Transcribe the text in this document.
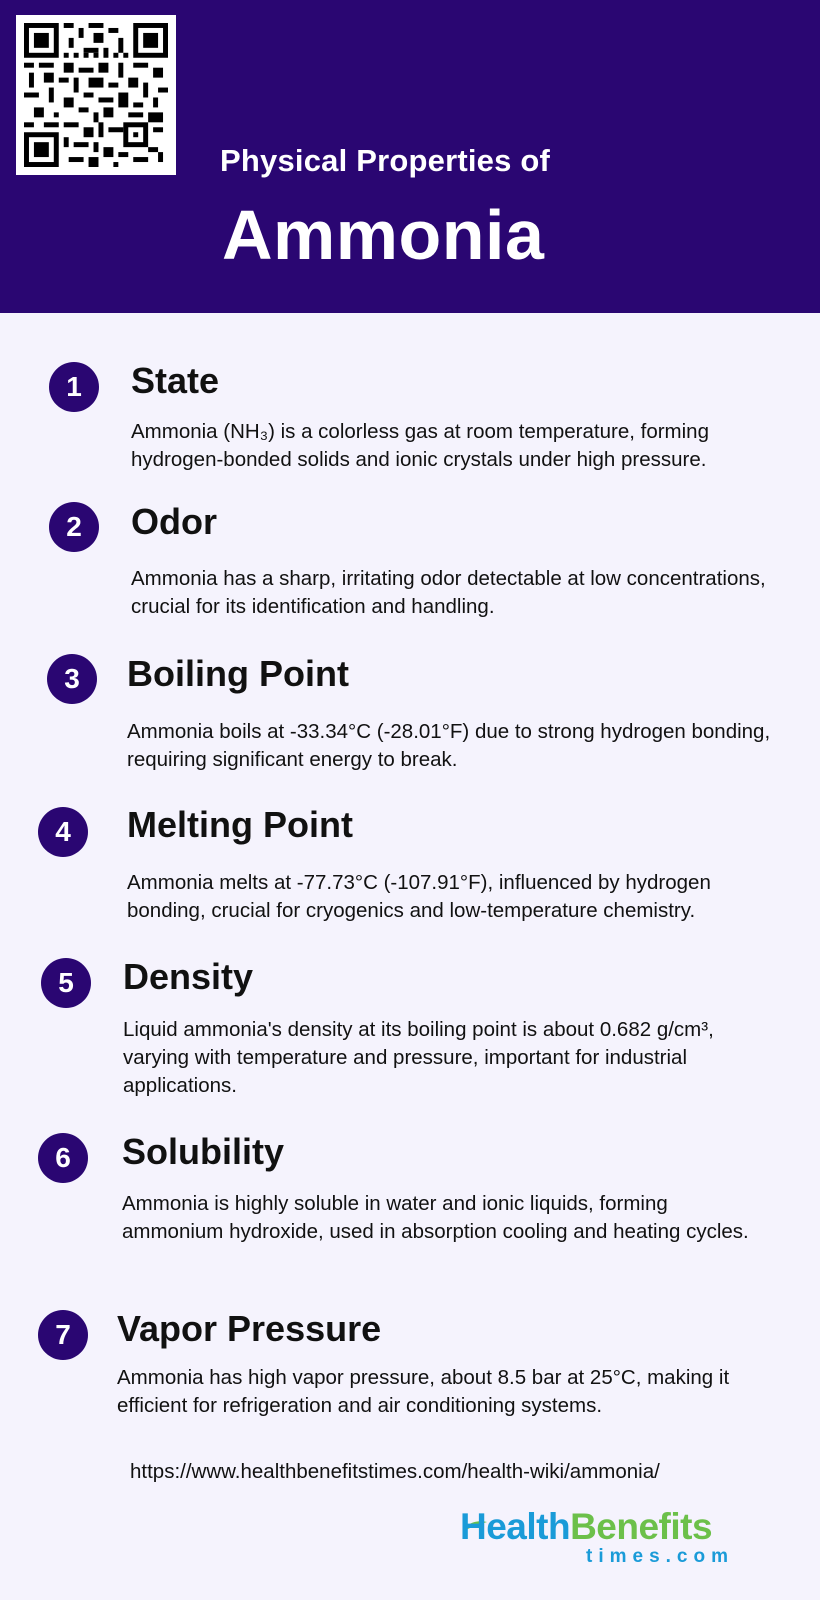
Physical Properties of
Ammonia
1	State
Ammonia (NH₃) is a colorless gas at room temperature, forming hydrogen-bonded solids and ionic crystals under high pressure.
2	Odor
Ammonia has a sharp, irritating odor detectable at low concentrations, crucial for its identification and handling.
3	Boiling Point
Ammonia boils at -33.34°C (-28.01°F) due to strong hydrogen bonding, requiring significant energy to break.
4	Melting Point
Ammonia melts at -77.73°C (-107.91°F), influenced by hydrogen bonding, crucial for cryogenics and low-temperature chemistry.
5	Density
Liquid ammonia's density at its boiling point is about 0.682 g/cm³, varying with temperature and pressure, important for industrial applications.
6	Solubility
Ammonia is highly soluble in water and ionic liquids, forming ammonium hydroxide, used in absorption cooling and heating cycles.
7	Vapor Pressure
Ammonia has high vapor pressure, about 8.5 bar at 25°C, making it efficient for refrigeration and air conditioning systems.
https://www.healthbenefitstimes.com/health-wiki/ammonia/
HealthBenefits
times.com
